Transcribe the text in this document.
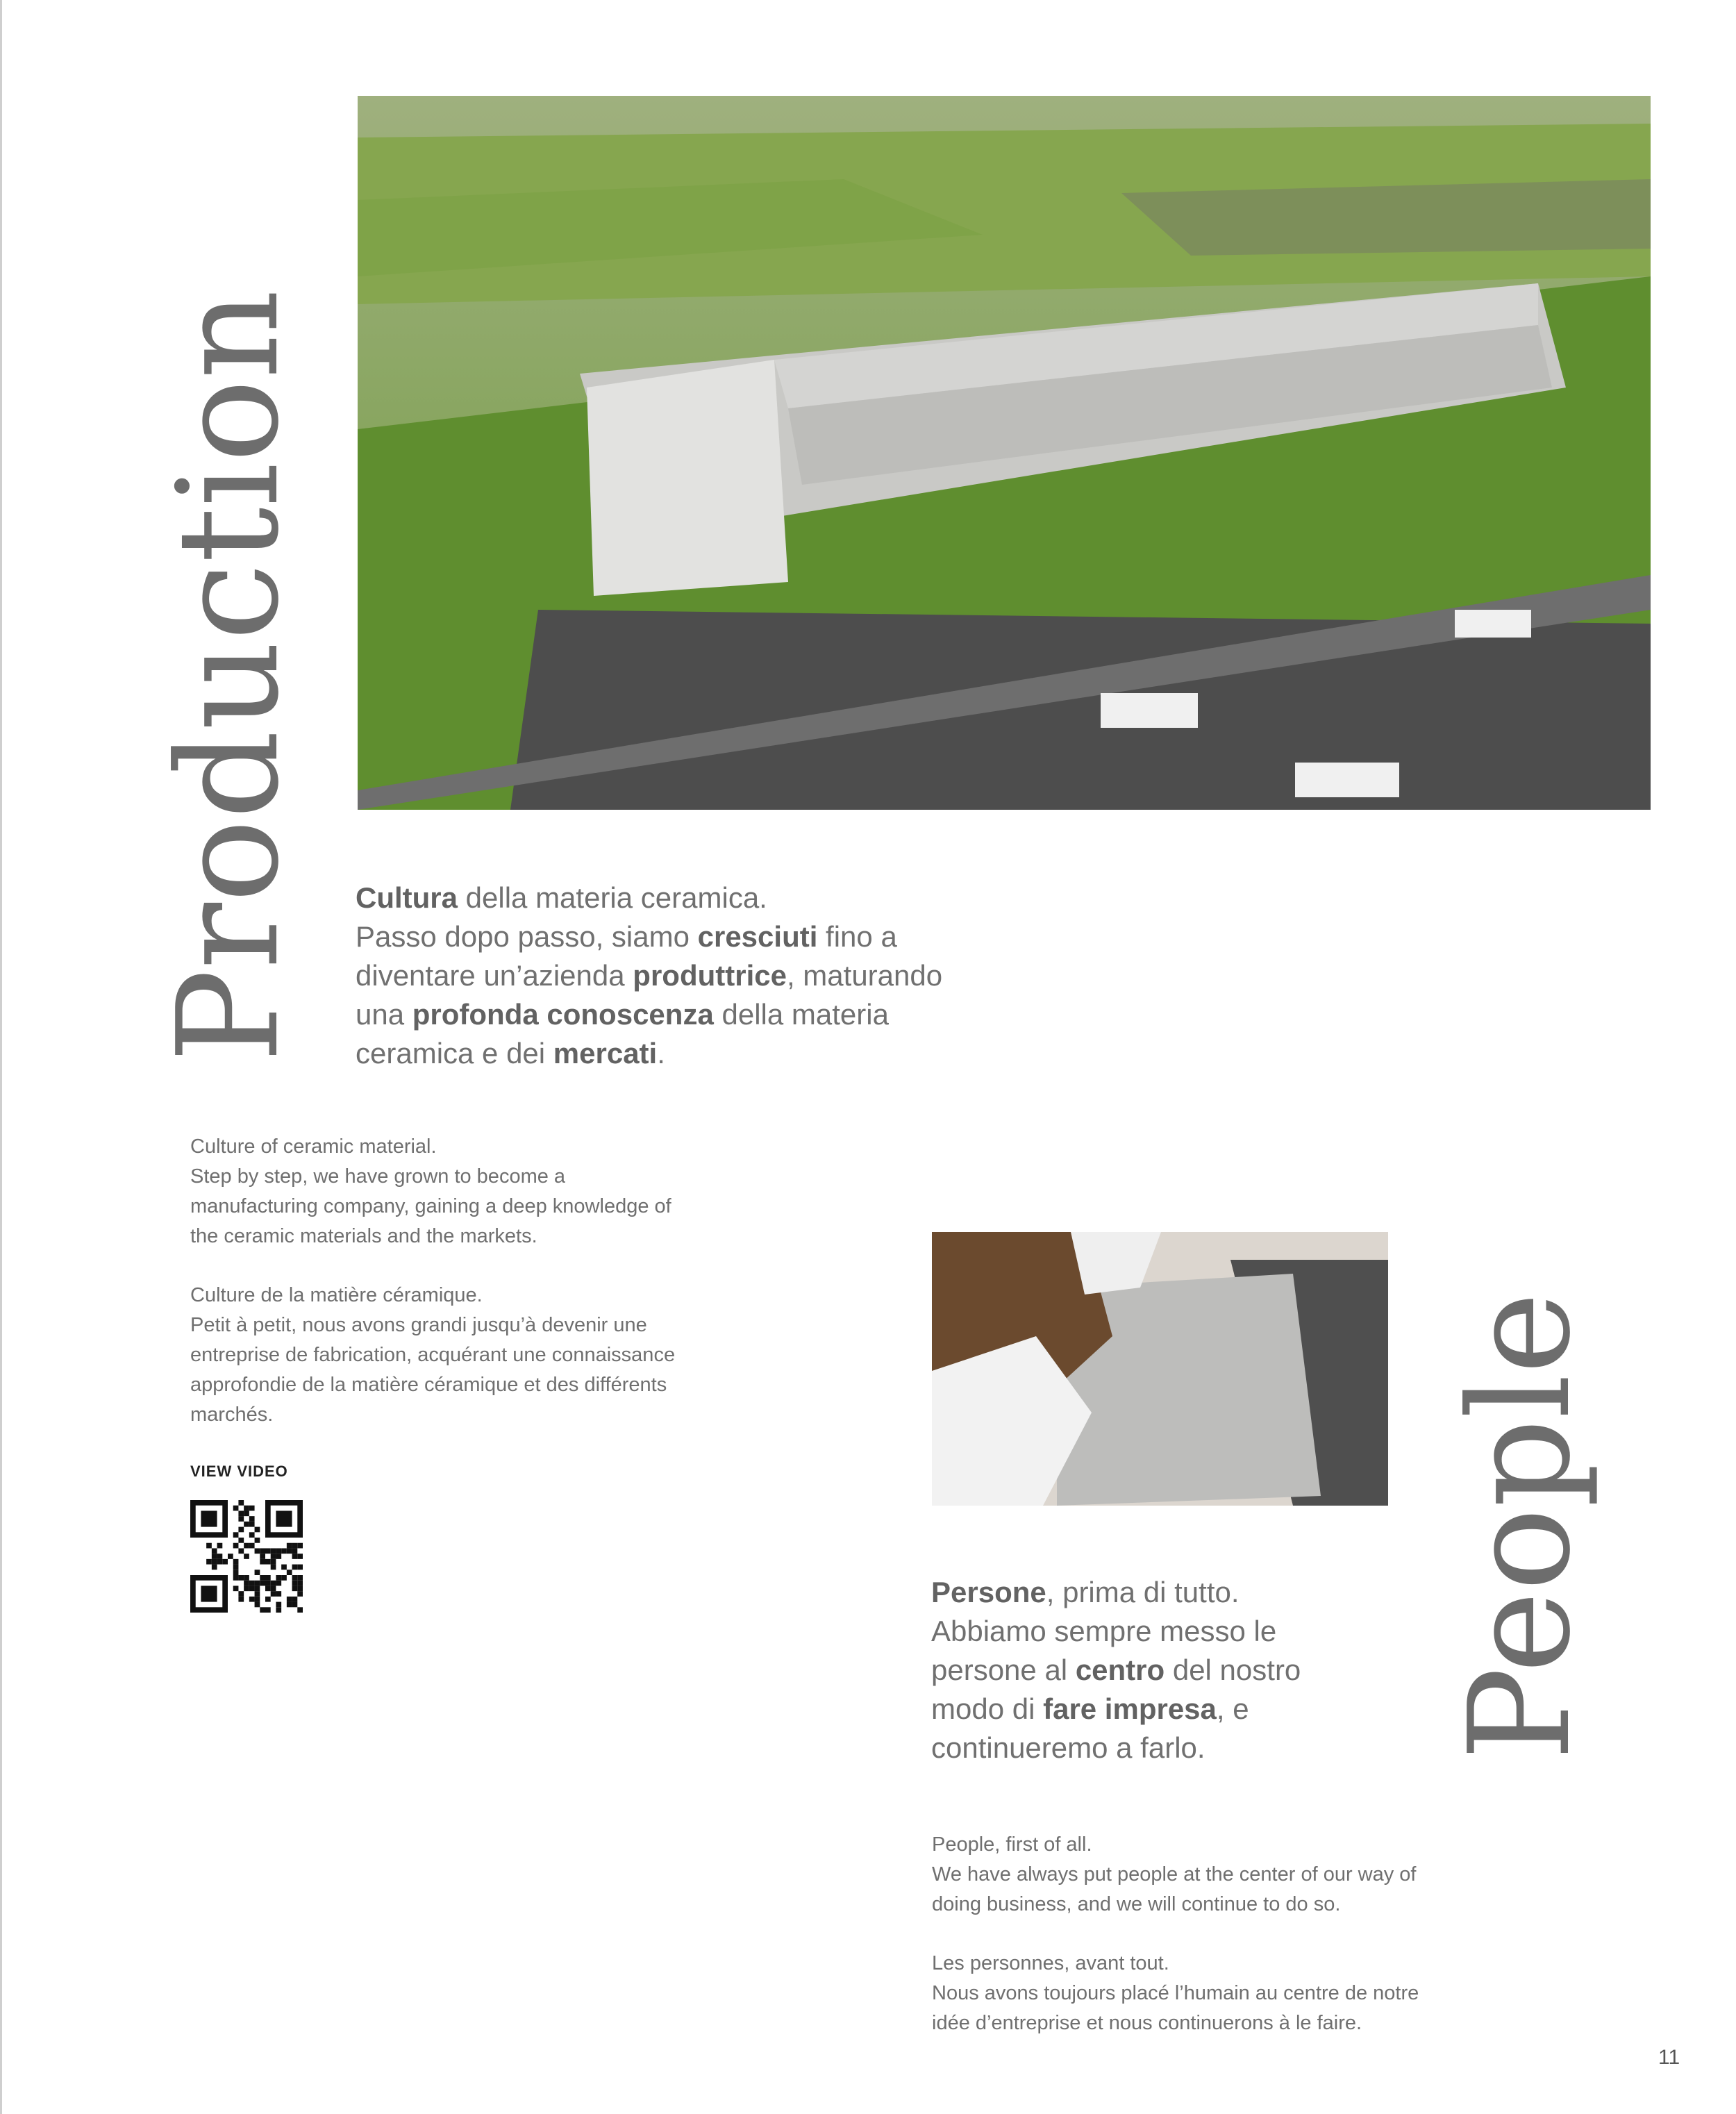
Production Cultura della materia ceramica.
Passo dopo passo, siamo cresciuti fino a
diventare un’azienda produttrice, maturando
una profonda conoscenza della materia
ceramica e dei mercati.

Culture of ceramic material.
Step by step, we have grown to become a
manufacturing company, gaining a deep knowledge of
the ceramic materials and the markets.

Culture de la matière céramique.
Petit à petit, nous avons grandi jusqu’à devenir une
entreprise de fabrication, acquérant une connaissance
approfondie de la matière céramique et des différents
marchés.

VIEW VIDEO
Persone, prima di tutto.
Abbiamo sempre messo le
persone al centro del nostro
modo di fare impresa, e
continueremo a farlo.	People

People, first of all.
We have always put people at the center of our way of
doing business, and we will continue to do so.

Les personnes, avant tout.
Nous avons toujours placé l’humain au centre de notre
idée d’entreprise et nous continuerons à le faire.

11
